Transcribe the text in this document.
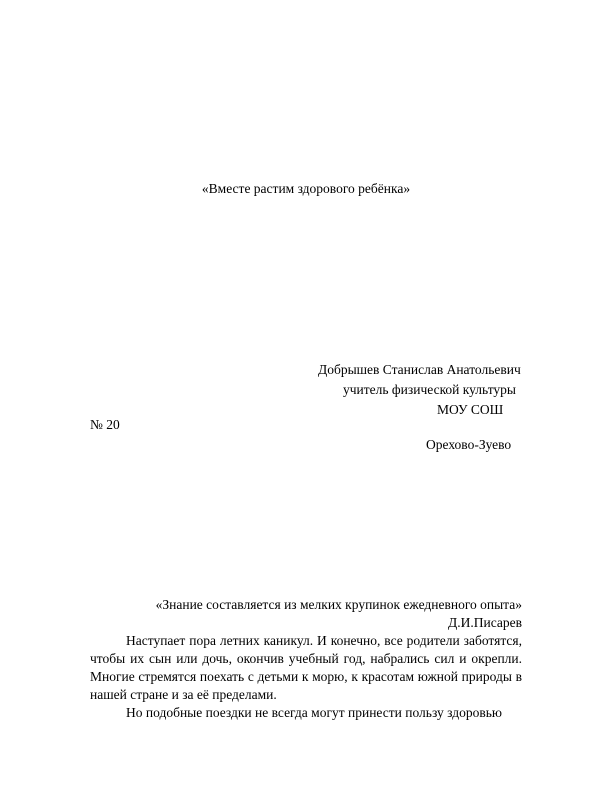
«Вместе растим здорового ребёнка»
Добрышев Станислав Анатольевич
учитель физической культуры
МОУ СОШ
№ 20
Орехово-Зуево
«Знание составляется из мелких крупинок ежедневного опыта»
Д.И.Писарев
Наступает пора летних каникул. И конечно, все родители заботятся, чтобы их сын или дочь, окончив учебный год, набрались сил и окрепли. Многие стремятся поехать с детьми к морю, к красотам южной природы в нашей стране и за её пределами.
Но подобные поездки не всегда могут принести пользу здоровью
